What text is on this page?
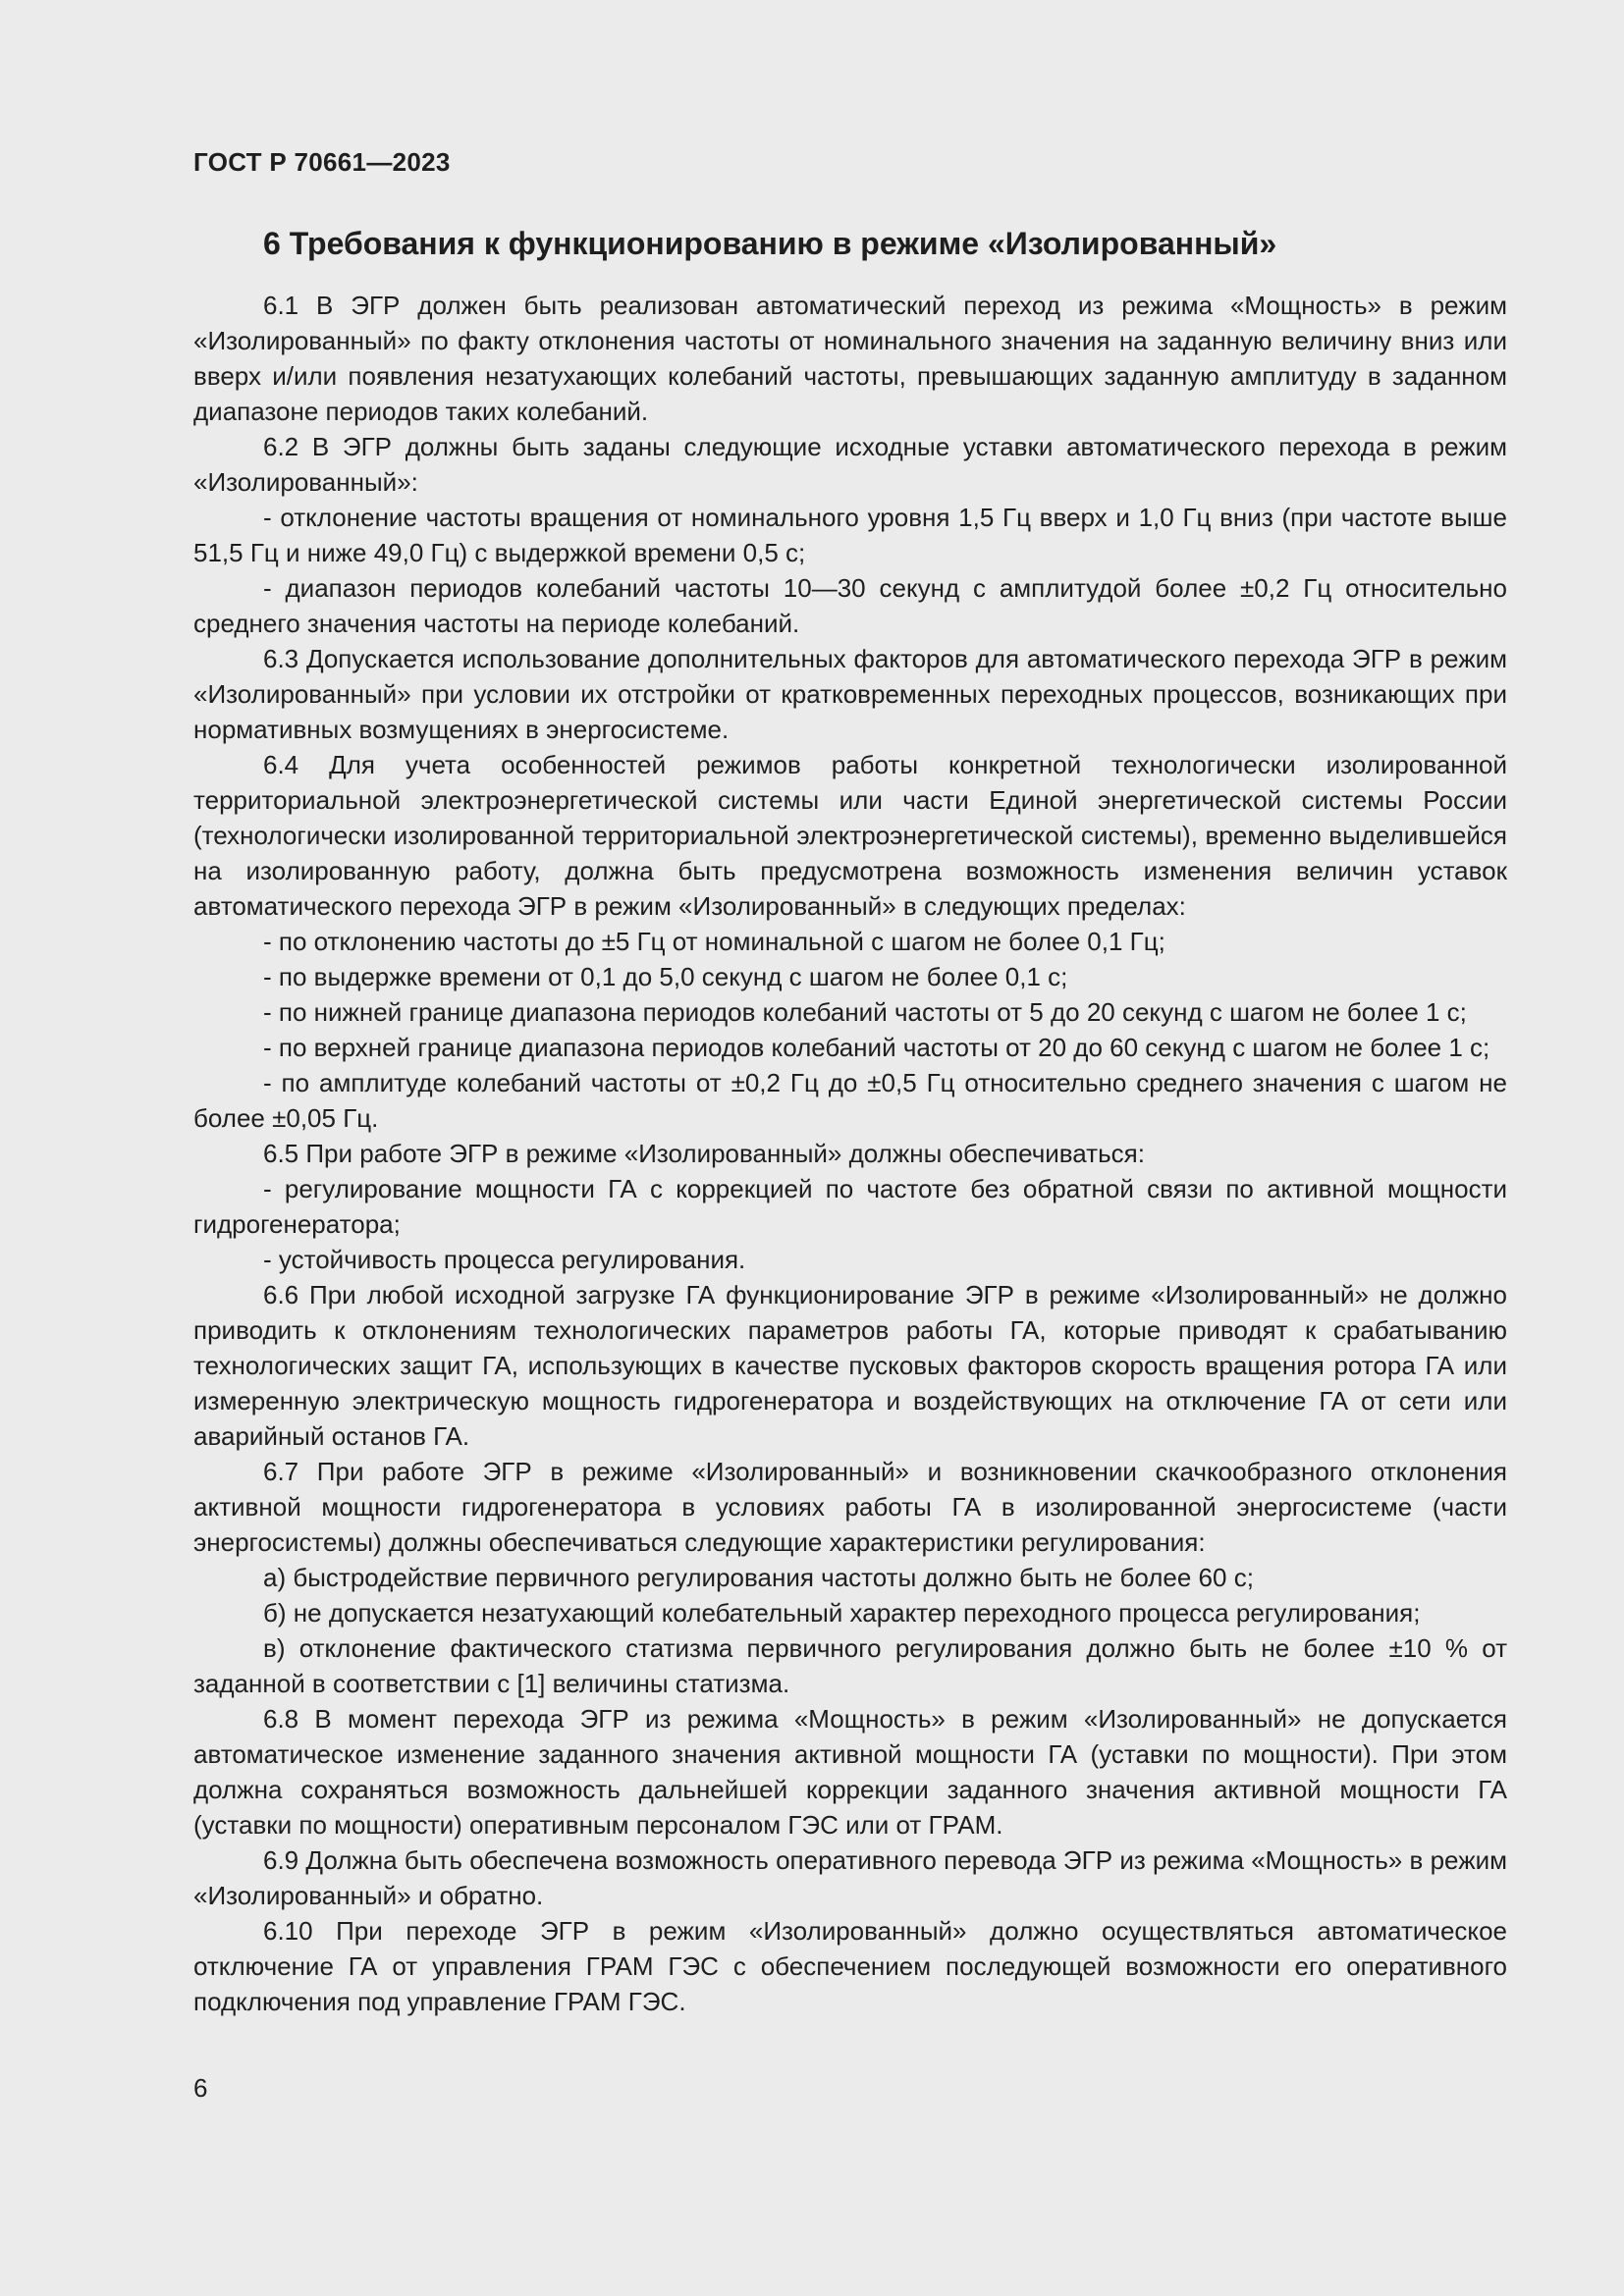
ГОСТ Р 70661—2023
6 Требования к функционированию в режиме «Изолированный»

6.1 В ЭГР должен быть реализован автоматический переход из режима «Мощность» в режим «Изолированный» по факту отклонения частоты от номинального значения на заданную величину вниз или вверх и/или появления незатухающих колебаний частоты, превышающих заданную амплитуду в заданном диапазоне периодов таких колебаний.

6.2 В ЭГР должны быть заданы следующие исходные уставки автоматического перехода в режим «Изолированный»:

- отклонение частоты вращения от номинального уровня 1,5 Гц вверх и 1,0 Гц вниз (при частоте выше 51,5 Гц и ниже 49,0 Гц) с выдержкой времени 0,5 с;

- диапазон периодов колебаний частоты 10—30 секунд с амплитудой более ±0,2 Гц относительно среднего значения частоты на периоде колебаний.

6.3 Допускается использование дополнительных факторов для автоматического перехода ЭГР в режим «Изолированный» при условии их отстройки от кратковременных переходных процессов, возникающих при нормативных возмущениях в энергосистеме.

6.4 Для учета особенностей режимов работы конкретной технологически изолированной территориальной электроэнергетической системы или части Единой энергетической системы России (технологически изолированной территориальной электроэнергетической системы), временно выделившейся на изолированную работу, должна быть предусмотрена возможность изменения величин уставок автоматического перехода ЭГР в режим «Изолированный» в следующих пределах:

- по отклонению частоты до ±5 Гц от номинальной с шагом не более 0,1 Гц;

- по выдержке времени от 0,1 до 5,0 секунд с шагом не более 0,1 с;

- по нижней границе диапазона периодов колебаний частоты от 5 до 20 секунд с шагом не более 1 с;

- по верхней границе диапазона периодов колебаний частоты от 20 до 60 секунд с шагом не более 1 с;

- по амплитуде колебаний частоты от ±0,2 Гц до ±0,5 Гц относительно среднего значения с шагом не более ±0,05 Гц.

6.5 При работе ЭГР в режиме «Изолированный» должны обеспечиваться:

- регулирование мощности ГА с коррекцией по частоте без обратной связи по активной мощности гидрогенератора;

- устойчивость процесса регулирования.

6.6 При любой исходной загрузке ГА функционирование ЭГР в режиме «Изолированный» не должно приводить к отклонениям технологических параметров работы ГА, которые приводят к срабатыванию технологических защит ГА, использующих в качестве пусковых факторов скорость вращения ротора ГА или измеренную электрическую мощность гидрогенератора и воздействующих на отключение ГА от сети или аварийный останов ГА.

6.7 При работе ЭГР в режиме «Изолированный» и возникновении скачкообразного отклонения активной мощности гидрогенератора в условиях работы ГА в изолированной энергосистеме (части энергосистемы) должны обеспечиваться следующие характеристики регулирования:

а) быстродействие первичного регулирования частоты должно быть не более 60 с;

б) не допускается незатухающий колебательный характер переходного процесса регулирования;

в) отклонение фактического статизма первичного регулирования должно быть не более ±10 % от заданной в соответствии с [1] величины статизма.

6.8 В момент перехода ЭГР из режима «Мощность» в режим «Изолированный» не допускается автоматическое изменение заданного значения активной мощности ГА (уставки по мощности). При этом должна сохраняться возможность дальнейшей коррекции заданного значения активной мощности ГА (уставки по мощности) оперативным персоналом ГЭС или от ГРАМ.

6.9 Должна быть обеспечена возможность оперативного перевода ЭГР из режима «Мощность» в режим «Изолированный» и обратно.

6.10 При переходе ЭГР в режим «Изолированный» должно осуществляться автоматическое отключение ГА от управления ГРАМ ГЭС с обеспечением последующей возможности его оперативного подключения под управление ГРАМ ГЭС.

6
